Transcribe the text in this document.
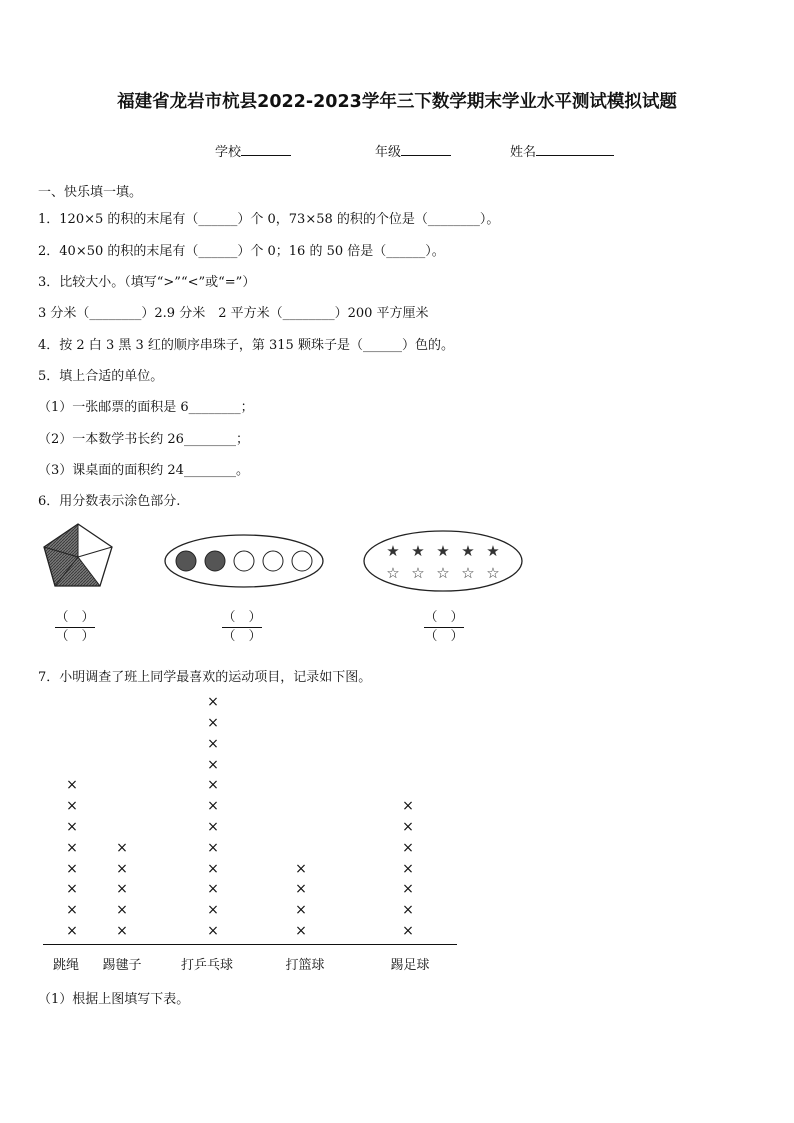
福建省龙岩市杭县2022-2023学年三下数学期末学业水平测试模拟试题
学校	年级	姓名
一、快乐填一填。
1．120×5 的积的末尾有（______）个 0，73×58 的积的个位是（________）。
2．40×50 的积的末尾有（______）个 0；16 的 50 倍是（______）。
3．比较大小。（填写“>”“<”或“=”）
3 分米（________）2.9 分米　2 平方米（________）200 平方厘米
4．按 2 白 3 黑 3 红的顺序串珠子，第 315 颗珠子是（______）色的。
5．填上合适的单位。
（1）一张邮票的面积是 6________；
（2）一本数学书长约 26________；
（3）课桌面的面积约 24________。
6．用分数表示涂色部分.
★ ★ ★ ★ ★
☆ ☆ ☆ ☆ ☆
（　）
（　）
（　）
（　）
（　）
（　）
7．小明调查了班上同学最喜欢的运动项目，记录如下图。
×
×
×
×
×
×
×
×
跳绳
×
×
×
×
×
踢毽子
×
×
×
×
×
×
×
×
×
×
×
×
打乒乓球
×
×
×
×
打篮球
×
×
×
×
×
×
×
踢足球
（1）根据上图填写下表。
